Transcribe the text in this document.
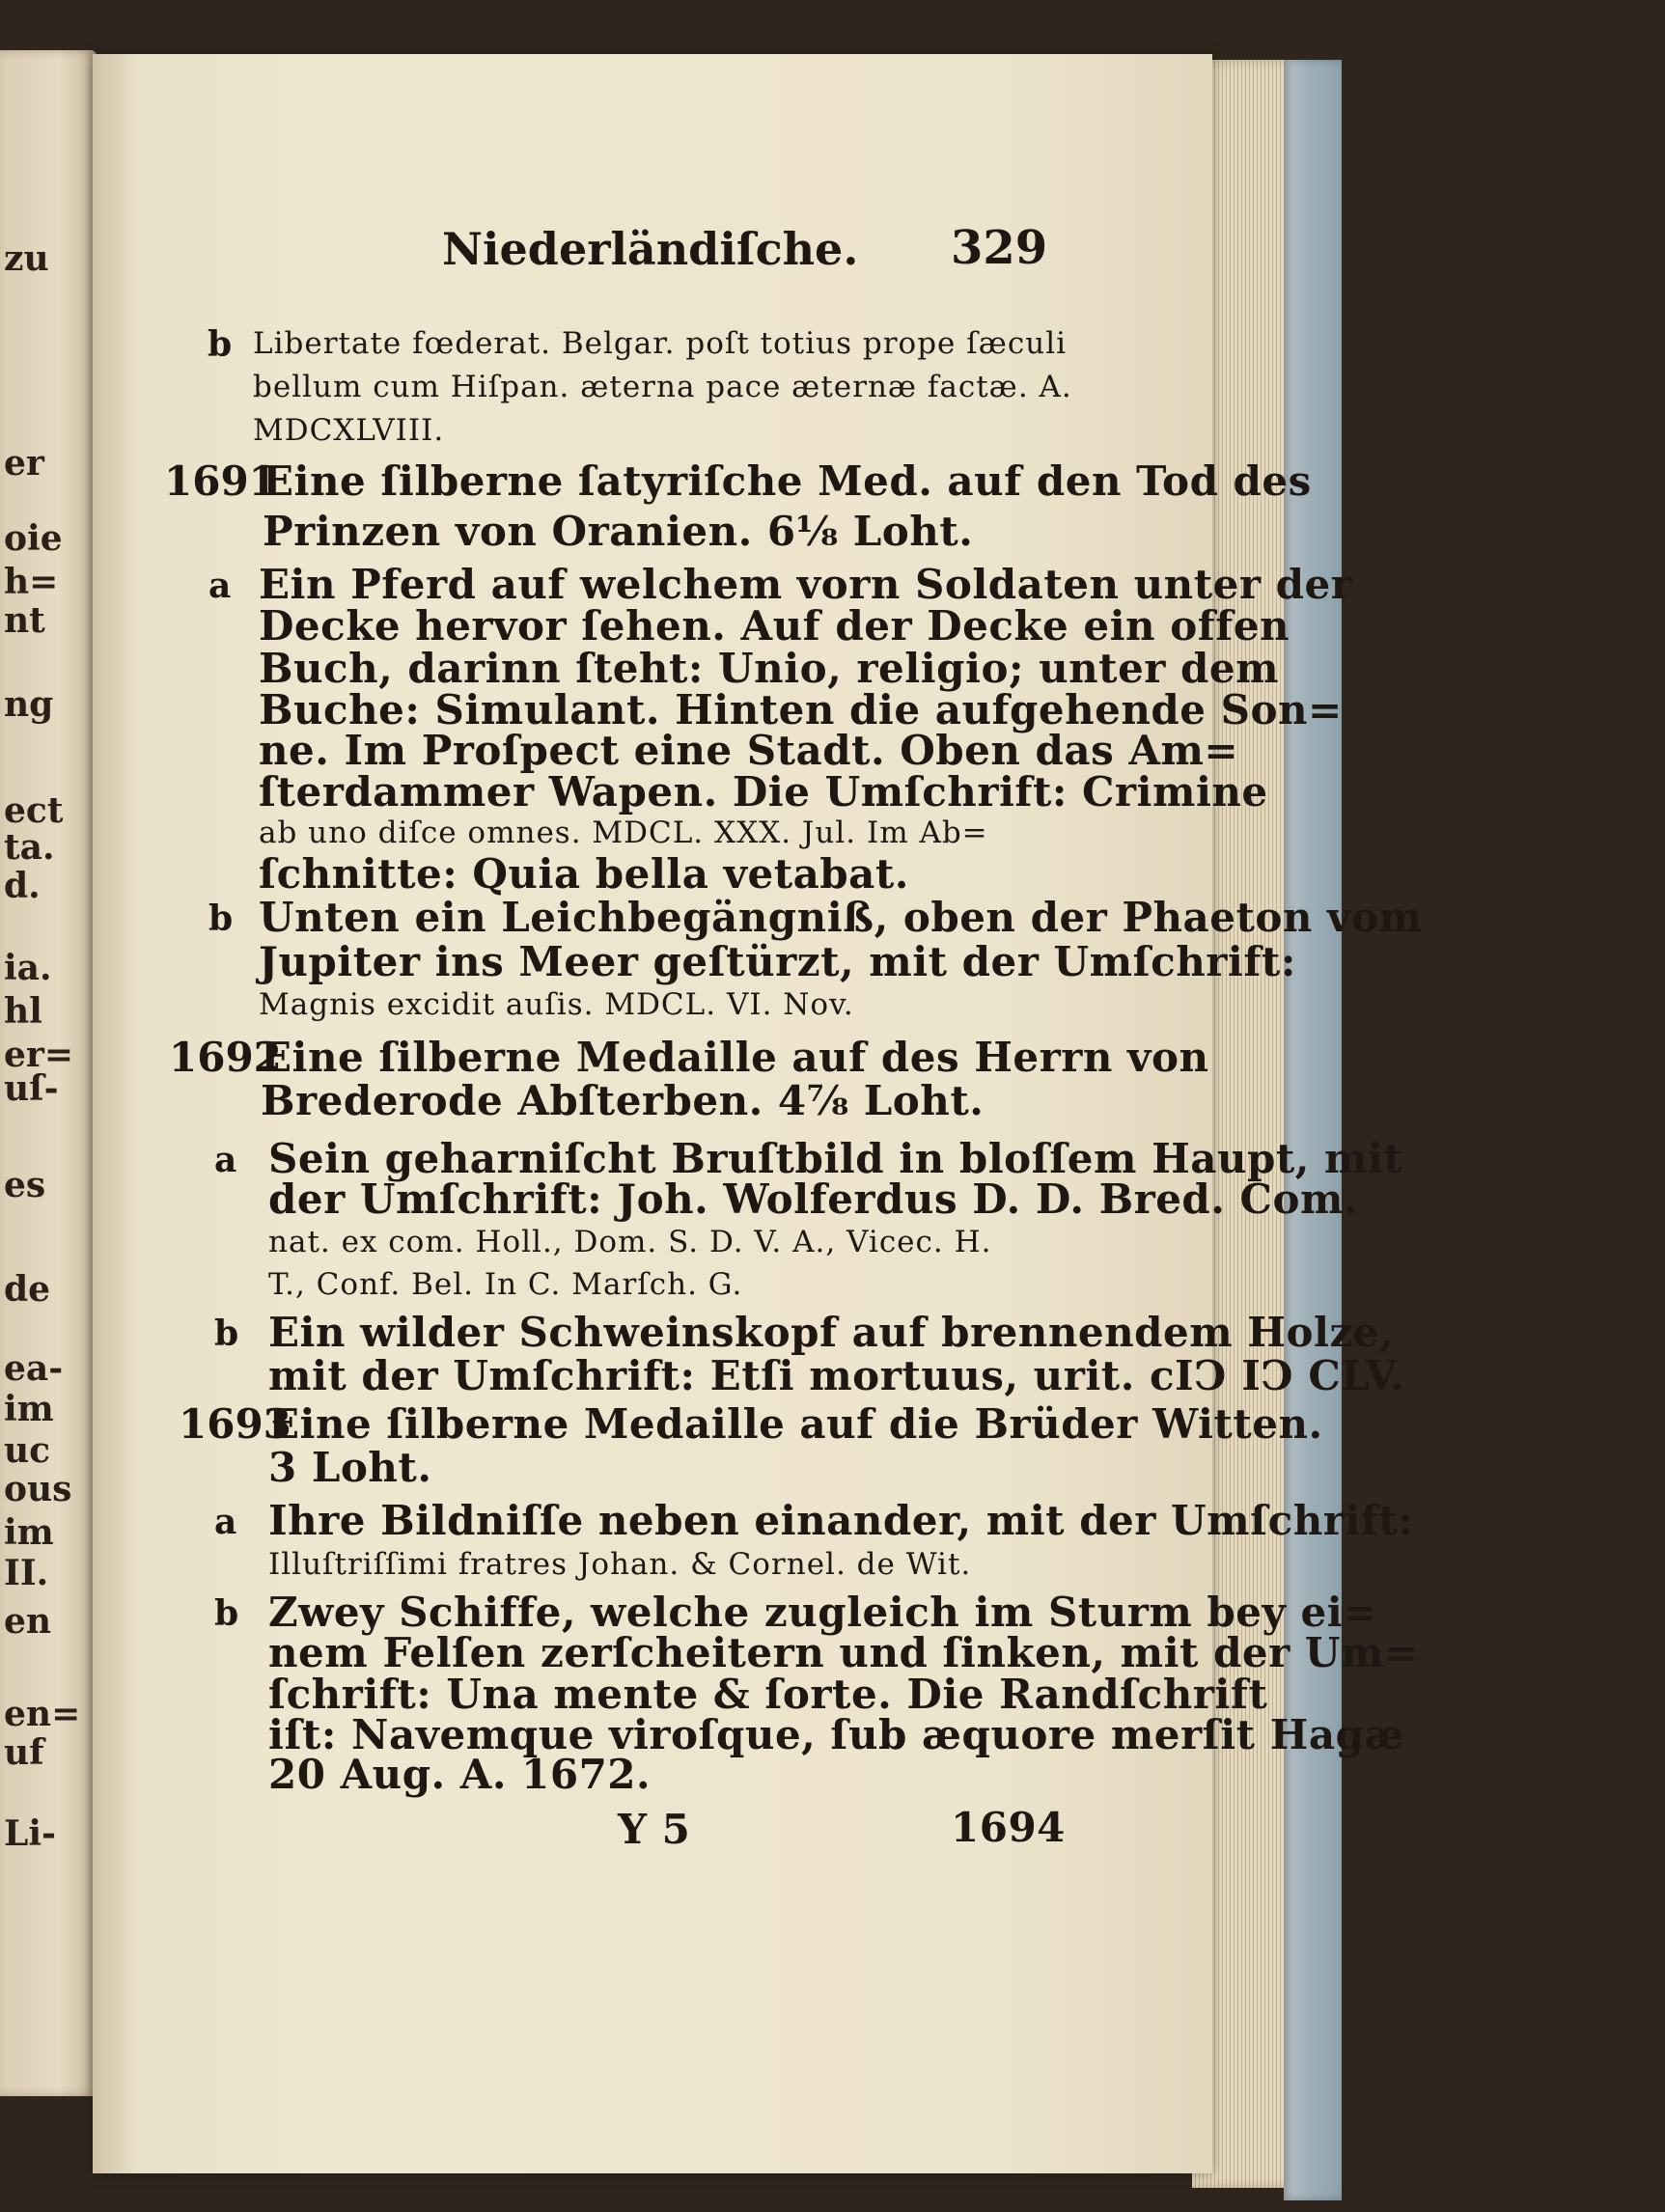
zu

er

oie

h=

nt

ng

ect

ta.

d.

ia.

hl

er=

uſ-

es

de

ea-

im

uc

ous

im

II.

en

en=

uf

Li-

Niederländiſche. 329

b Libertate fœderat. Belgar. poſt totius prope ſæculi

bellum cum Hiſpan. æterna pace æternæ factæ. A.

MDCXLVIII.

1691

Eine ſilberne ſatyriſche Med. auf den Tod des

Prinzen von Oranien. 6⅛ Loht.

a Ein Pferd auf welchem vorn Soldaten unter der

Decke hervor ſehen. Auf der Decke ein offen

Buch, darinn ſteht: Unio, religio; unter dem

Buche: Simulant. Hinten die aufgehende Son=

ne. Im Proſpect eine Stadt. Oben das Am=

ſterdammer Wapen. Die Umſchrift: Crimine

ab uno diſce omnes. MDCL. XXX. Jul. Im Ab=

ſchnitte: Quia bella vetabat.

b Unten ein Leichbegängniß, oben der Phaeton vom

Jupiter ins Meer geſtürzt, mit der Umſchrift:

Magnis excidit auſis. MDCL. VI. Nov.

1692

Eine ſilberne Medaille auf des Herrn von

Brederode Abſterben. 4⅞ Loht.

a Sein geharniſcht Bruſtbild in bloſſem Haupt, mit

der Umſchrift: Joh. Wolferdus D. D. Bred. Com.

nat. ex com. Holl., Dom. S. D. V. A., Vicec. H.

T., Conf. Bel. In C. Marſch. G.

b Ein wilder Schweinskopf auf brennendem Holze,

mit der Umſchrift: Etſi mortuus, urit. cIↃ IↃ CLV.

1693

Eine ſilberne Medaille auf die Brüder Witten.

3 Loht.

a Ihre Bildniſſe neben einander, mit der Umſchrift:

Illuſtriſſimi fratres Johan. & Cornel. de Wit.

b Zwey Schiffe, welche zugleich im Sturm bey ei=

nem Felſen zerſcheitern und ſinken, mit der Um=

ſchrift: Una mente & ſorte. Die Randſchrift

iſt: Navemque viroſque, ſub æquore merſit Hagæ

20 Aug. A. 1672.

Y 5	1694
